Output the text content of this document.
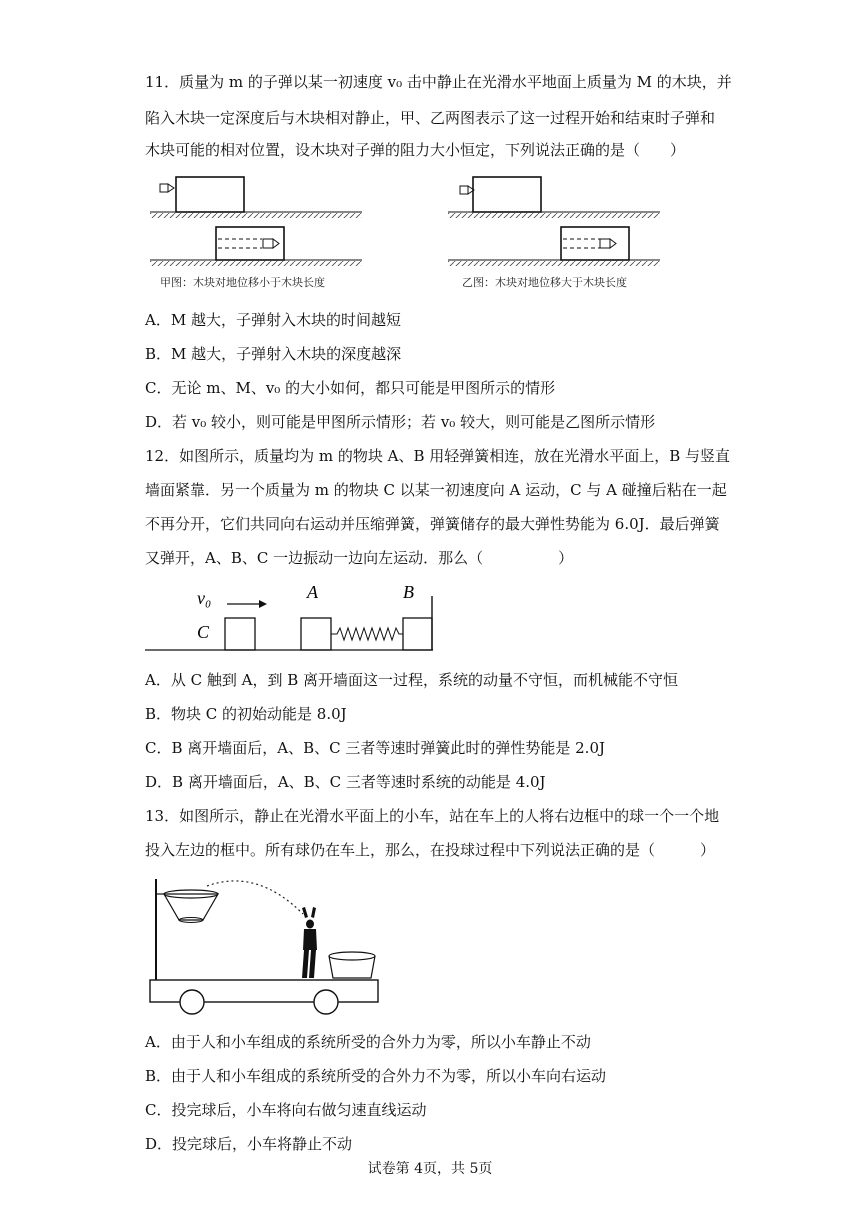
11．质量为 m 的子弹以某一初速度 v₀ 击中静止在光滑水平地面上质量为 M 的木块，并
陷入木块一定深度后与木块相对静止，甲、乙两图表示了这一过程开始和结束时子弹和
木块可能的相对位置，设木块对子弹的阻力大小恒定，下列说法正确的是（　　）
甲图：木块对地位移小于木块长度	乙图：木块对地位移大于木块长度
A．M 越大，子弹射入木块的时间越短
B．M 越大，子弹射入木块的深度越深
C．无论 m、M、v₀ 的大小如何，都只可能是甲图所示的情形
D．若 v₀ 较小，则可能是甲图所示情形；若 v₀ 较大，则可能是乙图所示情形
12．如图所示，质量均为 m 的物块 A、B 用轻弹簧相连，放在光滑水平面上，B 与竖直
墙面紧靠．另一个质量为 m 的物块 C 以某一初速度向 A 运动，C 与 A 碰撞后粘在一起
不再分开，它们共同向右运动并压缩弹簧，弹簧储存的最大弹性势能为 6.0J．最后弹簧
又弹开，A、B、C 一边振动一边向左运动．那么（　　　　　）
v₀
C
A	B
A．从 C 触到 A，到 B 离开墙面这一过程，系统的动量不守恒，而机械能不守恒
B．物块 C 的初始动能是 8.0J
C．B 离开墙面后，A、B、C 三者等速时弹簧此时的弹性势能是 2.0J
D．B 离开墙面后，A、B、C 三者等速时系统的动能是 4.0J
13．如图所示，静止在光滑水平面上的小车，站在车上的人将右边框中的球一个一个地
投入左边的框中。所有球仍在车上，那么，在投球过程中下列说法正确的是（　　　）
A．由于人和小车组成的系统所受的合外力为零，所以小车静止不动
B．由于人和小车组成的系统所受的合外力不为零，所以小车向右运动
C．投完球后，小车将向右做匀速直线运动
D．投完球后，小车将静止不动
试卷第 4页，共 5页
